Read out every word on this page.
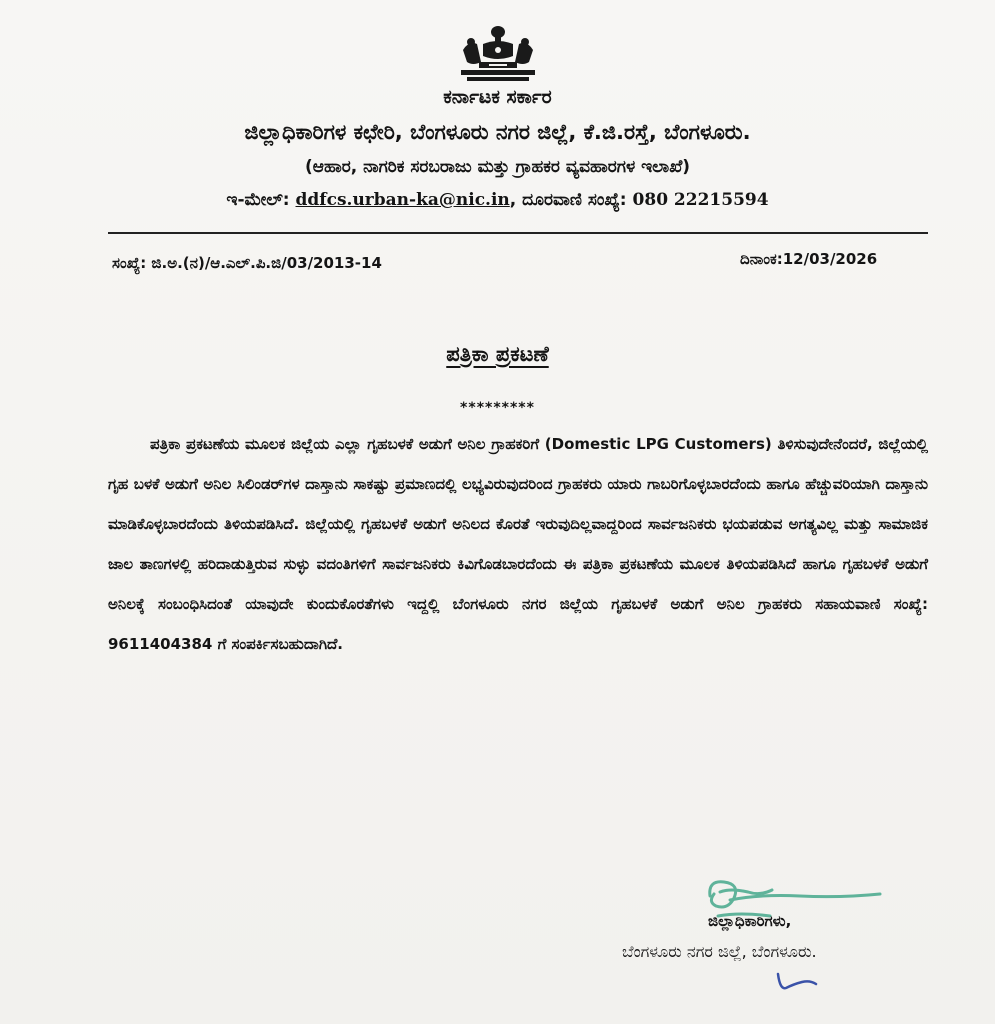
ಕರ್ನಾಟಕ ಸರ್ಕಾರ
ಜಿಲ್ಲಾಧಿಕಾರಿಗಳ ಕಛೇರಿ, ಬೆಂಗಳೂರು ನಗರ ಜಿಲ್ಲೆ, ಕೆ.ಜಿ.ರಸ್ತೆ, ಬೆಂಗಳೂರು.
(ಆಹಾರ, ನಾಗರಿಕ ಸರಬರಾಜು ಮತ್ತು ಗ್ರಾಹಕರ ವ್ಯವಹಾರಗಳ ಇಲಾಖೆ)
ಇ-ಮೇಲ್: ddfcs.urban-ka@nic.in, ದೂರವಾಣಿ ಸಂಖ್ಯೆ: 080 22215594
ಸಂಖ್ಯೆ: ಜಿ.ಅ.(ನ)/ಆ.ಎಲ್.ಪಿ.ಜಿ/03/2013-14	ದಿನಾಂಕ:12/03/2026
ಪತ್ರಿಕಾ ಪ್ರಕಟಣೆ
*********
ಪತ್ರಿಕಾ ಪ್ರಕಟಣೆಯ ಮೂಲಕ ಜಿಲ್ಲೆಯ ಎಲ್ಲಾ ಗೃಹಬಳಕೆ ಅಡುಗೆ ಅನಿಲ ಗ್ರಾಹಕರಿಗೆ (Domestic LPG Customers) ತಿಳಿಸುವುದೇನೆಂದರೆ, ಜಿಲ್ಲೆಯಲ್ಲಿ ಗೃಹ ಬಳಕೆ ಅಡುಗೆ ಅನಿಲ ಸಿಲಿಂಡರ್‌ಗಳ ದಾಸ್ತಾನು ಸಾಕಷ್ಟು ಪ್ರಮಾಣದಲ್ಲಿ ಲಭ್ಯವಿರುವುದರಿಂದ ಗ್ರಾಹಕರು ಯಾರು ಗಾಬರಿಗೊಳ್ಳಬಾರದೆಂದು ಹಾಗೂ ಹೆಚ್ಚುವರಿಯಾಗಿ ದಾಸ್ತಾನು ಮಾಡಿಕೊಳ್ಳಬಾರದೆಂದು ತಿಳಿಯಪಡಿಸಿದೆ. ಜಿಲ್ಲೆಯಲ್ಲಿ ಗೃಹಬಳಕೆ ಅಡುಗೆ ಅನಿಲದ ಕೊರತೆ ಇರುವುದಿಲ್ಲವಾದ್ದರಿಂದ ಸಾರ್ವಜನಿಕರು ಭಯಪಡುವ ಅಗತ್ಯವಿಲ್ಲ ಮತ್ತು ಸಾಮಾಜಿಕ ಜಾಲ ತಾಣಗಳಲ್ಲಿ ಹರಿದಾಡುತ್ತಿರುವ ಸುಳ್ಳು ವದಂತಿಗಳಿಗೆ ಸಾರ್ವಜನಿಕರು ಕಿವಿಗೊಡಬಾರದೆಂದು ಈ ಪತ್ರಿಕಾ ಪ್ರಕಟಣೆಯ ಮೂಲಕ ತಿಳಿಯಪಡಿಸಿದೆ ಹಾಗೂ ಗೃಹಬಳಕೆ ಅಡುಗೆ ಅನಿಲಕ್ಕೆ ಸಂಬಂಧಿಸಿದಂತೆ ಯಾವುದೇ ಕುಂದುಕೊರತೆಗಳು ಇದ್ದಲ್ಲಿ ಬೆಂಗಳೂರು ನಗರ ಜಿಲ್ಲೆಯ ಗೃಹಬಳಕೆ ಅಡುಗೆ ಅನಿಲ ಗ್ರಾಹಕರು ಸಹಾಯವಾಣಿ ಸಂಖ್ಯೆ: 9611404384 ಗೆ ಸಂಪರ್ಕಿಸಬಹುದಾಗಿದೆ.
ಜಿಲ್ಲಾಧಿಕಾರಿಗಳು,
ಬೆಂಗಳೂರು ನಗರ ಜಿಲ್ಲೆ, ಬೆಂಗಳೂರು.
